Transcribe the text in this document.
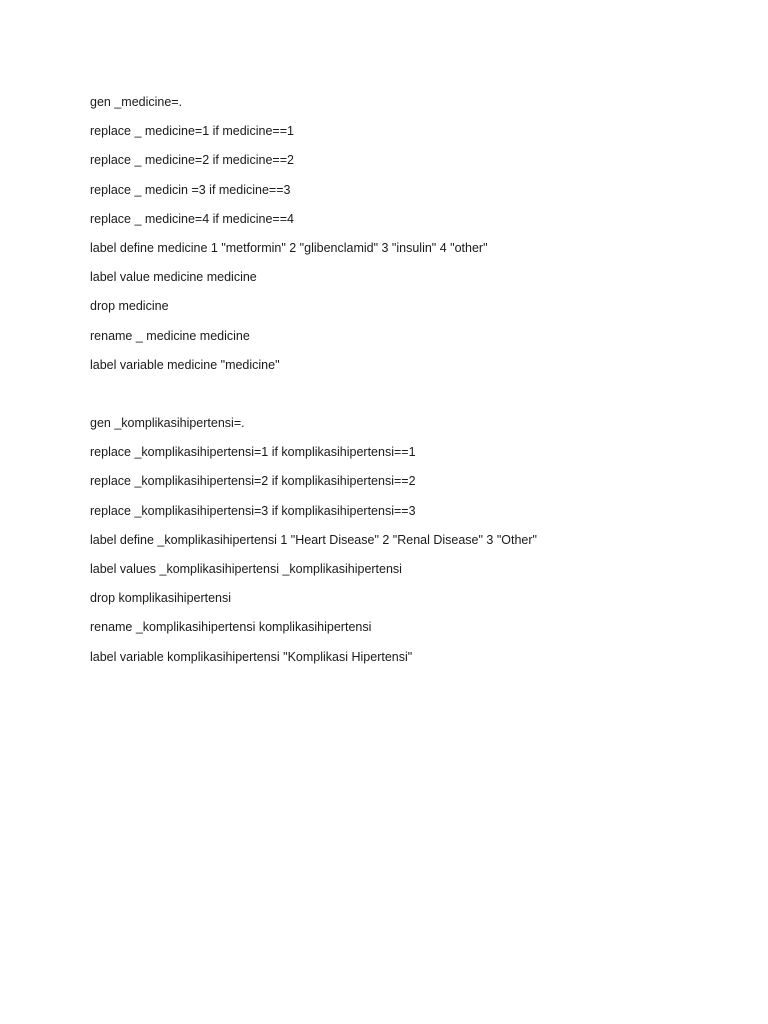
gen _medicine=.
replace _ medicine=1 if medicine==1
replace _ medicine=2 if medicine==2
replace _ medicin =3 if medicine==3
replace _ medicine=4 if medicine==4
label define medicine 1 "metformin" 2 "glibenclamid" 3 "insulin" 4 "other"
label value medicine medicine
drop medicine
rename _ medicine medicine
label variable medicine "medicine"
gen _komplikasihipertensi=.
replace _komplikasihipertensi=1 if komplikasihipertensi==1
replace _komplikasihipertensi=2 if komplikasihipertensi==2
replace _komplikasihipertensi=3 if komplikasihipertensi==3
label define _komplikasihipertensi 1 "Heart Disease" 2 "Renal Disease" 3 "Other"
label values _komplikasihipertensi _komplikasihipertensi
drop komplikasihipertensi
rename _komplikasihipertensi komplikasihipertensi
label variable komplikasihipertensi "Komplikasi Hipertensi"
